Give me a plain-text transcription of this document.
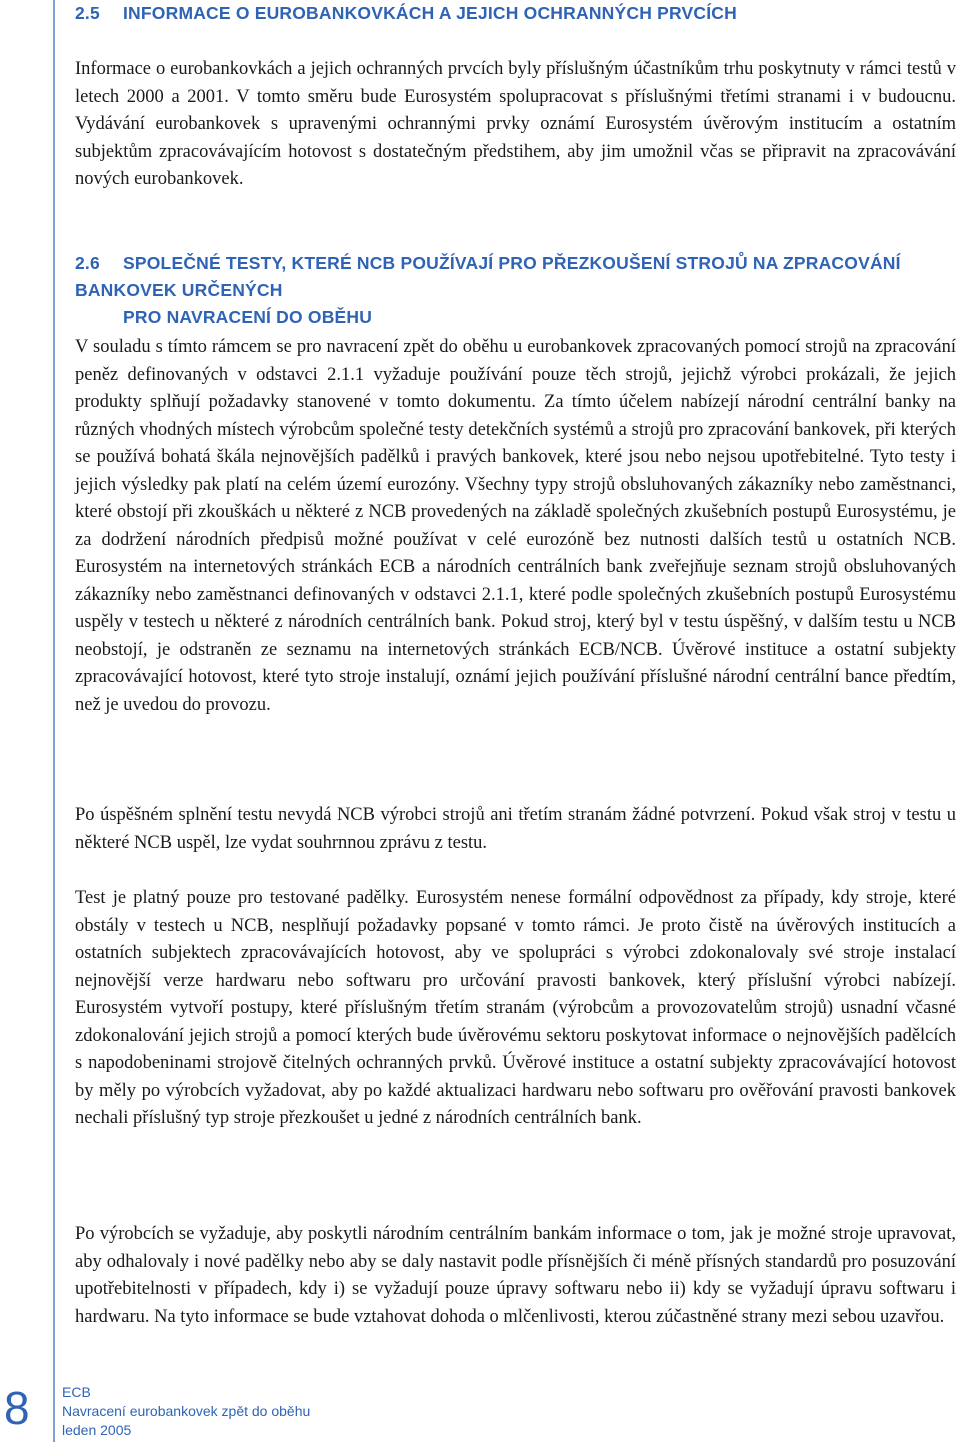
2.5 INFORMACE O EUROBANKOVKÁCH A JEJICH OCHRANNÝCH PRVCÍCH

Informace o eurobankovkách a jejich ochranných prvcích byly příslušným účastníkům trhu poskytnuty v rámci testů v letech 2000 a 2001. V tomto směru bude Eurosystém spolupracovat s příslušnými třetími stranami i v budoucnu. Vydávání eurobankovek s upravenými ochrannými prvky oznámí Eurosystém úvěrovým institucím a ostatním subjektům zpracovávajícím hotovost s dostatečným předstihem, aby jim umožnil včas se připravit na zpracovávání nových eurobankovek.

2.6 SPOLEČNÉ TESTY, KTERÉ NCB POUŽÍVAJÍ PRO PŘEZKOUŠENÍ STROJŮ NA ZPRACOVÁNÍ BANKOVEK URČENÝCH
PRO NAVRACENÍ DO OBĚHU

V souladu s tímto rámcem se pro navracení zpět do oběhu u eurobankovek zpracovaných pomocí strojů na zpracování peněz definovaných v odstavci 2.1.1 vyžaduje používání pouze těch strojů, jejichž výrobci prokázali, že jejich produkty splňují požadavky stanovené v tomto dokumentu. Za tímto účelem nabízejí národní centrální banky na různých vhodných místech výrobcům společné testy detekčních systémů a strojů pro zpracování bankovek, při kterých se používá bohatá škála nejnovějších padělků i pravých bankovek, které jsou nebo nejsou upotřebitelné. Tyto testy i jejich výsledky pak platí na celém území eurozóny. Všechny typy strojů obsluhovaných zákazníky nebo zaměstnanci, které obstojí při zkouškách u některé z NCB provedených na základě společných zkušebních postupů Eurosystému, je za dodržení národních předpisů možné používat v celé eurozóně bez nutnosti dalších testů u ostatních NCB. Eurosystém na internetových stránkách ECB a národních centrálních bank zveřejňuje seznam strojů obsluhovaných zákazníky nebo zaměstnanci definovaných v odstavci 2.1.1, které podle společných zkušebních postupů Eurosystému uspěly v testech u některé z národních centrálních bank. Pokud stroj, který byl v testu úspěšný, v dalším testu u NCB neobstojí, je odstraněn ze seznamu na internetových stránkách ECB/NCB. Úvěrové instituce a ostatní subjekty zpracovávající hotovost, které tyto stroje instalují, oznámí jejich používání příslušné národní centrální bance předtím, než je uvedou do provozu.

Po úspěšném splnění testu nevydá NCB výrobci strojů ani třetím stranám žádné potvrzení. Pokud však stroj v testu u některé NCB uspěl, lze vydat souhrnnou zprávu z testu.

Test je platný pouze pro testované padělky. Eurosystém nenese formální odpovědnost za případy, kdy stroje, které obstály v testech u NCB, nesplňují požadavky popsané v tomto rámci. Je proto čistě na úvěrových institucích a ostatních subjektech zpracovávajících hotovost, aby ve spolupráci s výrobci zdokonalovaly své stroje instalací nejnovější verze hardwaru nebo softwaru pro určování pravosti bankovek, který příslušní výrobci nabízejí. Eurosystém vytvoří postupy, které příslušným třetím stranám (výrobcům a provozovatelům strojů) usnadní včasné zdokonalování jejich strojů a pomocí kterých bude úvěrovému sektoru poskytovat informace o nejnovějších padělcích s napodobeninami strojově čitelných ochranných prvků. Úvěrové instituce a ostatní subjekty zpracovávající hotovost by měly po výrobcích vyžadovat, aby po každé aktualizaci hardwaru nebo softwaru pro ověřování pravosti bankovek nechali příslušný typ stroje přezkoušet u jedné z národních centrálních bank.

Po výrobcích se vyžaduje, aby poskytli národním centrálním bankám informace o tom, jak je možné stroje upravovat, aby odhalovaly i nové padělky nebo aby se daly nastavit podle přísnějších či méně přísných standardů pro posuzování upotřebitelnosti v případech, kdy i) se vyžadují pouze úpravy softwaru nebo ii) kdy se vyžadují úpravu softwaru i hardwaru. Na tyto informace se bude vztahovat dohoda o mlčenlivosti, kterou zúčastněné strany mezi sebou uzavřou.

8 ECB
Navracení eurobankovek zpět do oběhu
leden 2005
